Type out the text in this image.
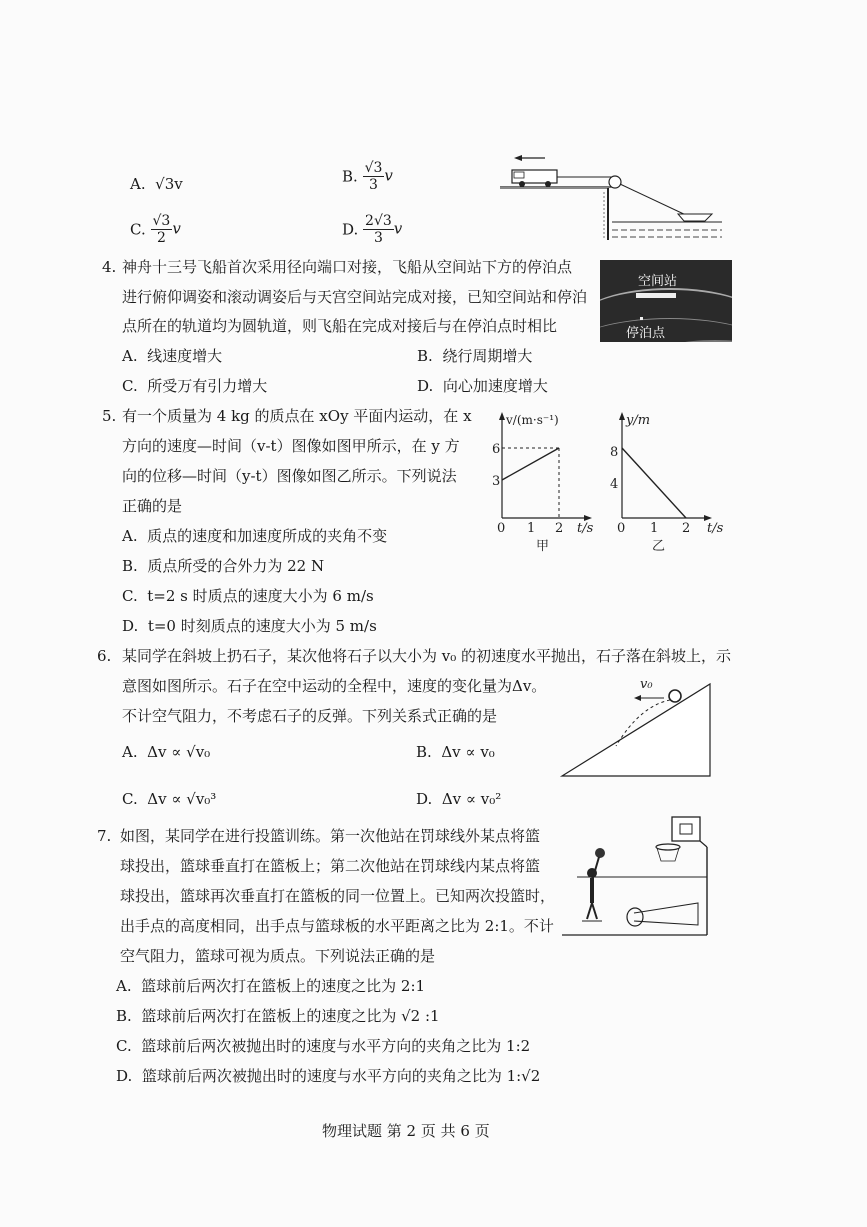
A. √3v	B. $\frac{√3}{3}$ v
C. $\frac{√3}{2}$ v	D. $\frac{2√3}{3}$ v
4. 神舟十三号飞船首次采用径向端口对接，飞船从空间站下方的停泊点
进行俯仰调姿和滚动调姿后与天宫空间站完成对接，已知空间站和停泊
点所在的轨道均为圆轨道，则飞船在完成对接后与在停泊点时相比
A. 线速度增大	B. 绕行周期增大
C. 所受万有引力增大	D. 向心加速度增大
空间站
停泊点
5. 有一个质量为 4 kg 的质点在 xOy 平面内运动，在 x
方向的速度—时间（v-t）图像如图甲所示，在 y 方
向的位移—时间（y-t）图像如图乙所示。下列说法
正确的是
A. 质点的速度和加速度所成的夹角不变
B. 质点所受的合外力为 22 N
C. t=2 s 时质点的速度大小为 6 m/s
D. t=0 时刻质点的速度大小为 5 m/s
v/(m·s⁻¹)
6
3
0 1 2 t/s
甲
y/m
8
4
0 1 2 t/s
乙
6. 某同学在斜坡上扔石子，某次他将石子以大小为 v₀ 的初速度水平抛出，石子落在斜坡上，示
意图如图所示。石子在空中运动的全程中，速度的变化量为Δv。
不计空气阻力，不考虑石子的反弹。下列关系式正确的是
A. Δv ∝ √v₀	B. Δv ∝ v₀
C. Δv ∝ √v₀³	D. Δv ∝ v₀²
v₀
7. 如图，某同学在进行投篮训练。第一次他站在罚球线外某点将篮
球投出，篮球垂直打在篮板上；第二次他站在罚球线内某点将篮
球投出，篮球再次垂直打在篮板的同一位置上。已知两次投篮时，
出手点的高度相同，出手点与篮球板的水平距离之比为 2:1。不计
空气阻力，篮球可视为质点。下列说法正确的是
A. 篮球前后两次打在篮板上的速度之比为 2:1
B. 篮球前后两次打在篮板上的速度之比为 √2 :1
C. 篮球前后两次被抛出时的速度与水平方向的夹角之比为 1:2
D. 篮球前后两次被抛出时的速度与水平方向的夹角之比为 1:√2
物理试题 第 2 页 共 6 页
